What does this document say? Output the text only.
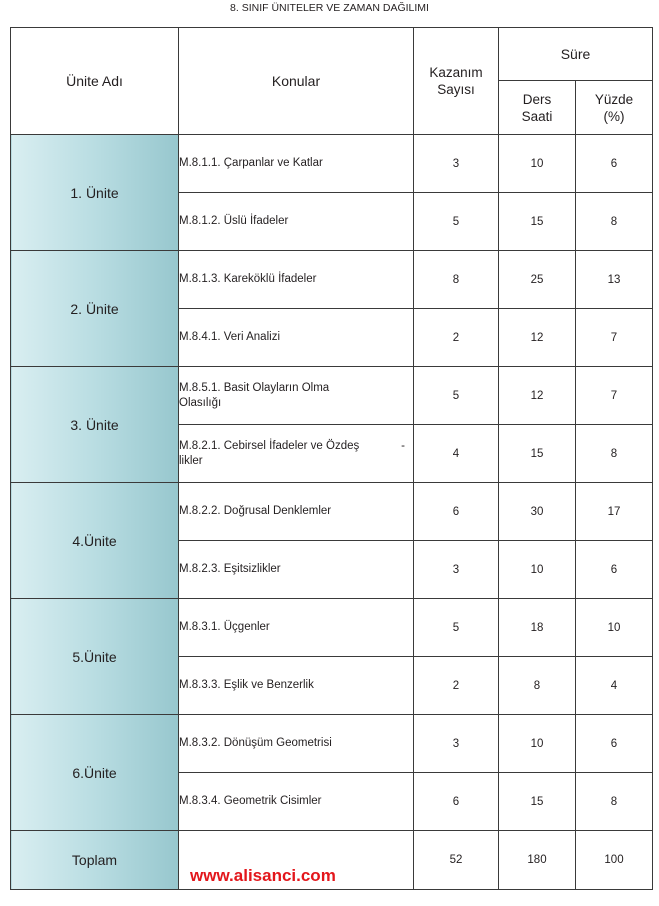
8. SINIF ÜNITELER VE ZAMAN DAĞILIMI
Ünite Adı	Konular	Kazanım Sayısı	Süre	

			Ders Saati	Yüzde (%)

1. Ünite	M.8.1.1. Çarpanlar ve Katlar	3	10	6
	M.8.1.2. Üslü İfadeler	5	15	8
2. Ünite	M.8.1.3. Kareköklü İfadeler	8	25	13
	M.8.4.1. Veri Analizi	2	12	7
3. Ünite	M.8.5.1. Basit Olayların Olma Olasılığı	5	12	7

	M.8.2.1. Cebirsel İfadeler ve Özdeş -
likler	4	15	8
4.Ünite	M.8.2.2. Doğrusal Denklemler	6	30	17
	M.8.2.3. Eşitsizlikler	3	10	6
5.Ünite	M.8.3.1. Üçgenler	5	18	10
	M.8.3.3. Eşlik ve Benzerlik	2	8	4
6.Ünite	M.8.3.2. Dönüşüm Geometrisi	3	10	6
	M.8.3.4. Geometrik Cisimler	6	15	8
Toplam		52	180	100
www.alisanci.com
